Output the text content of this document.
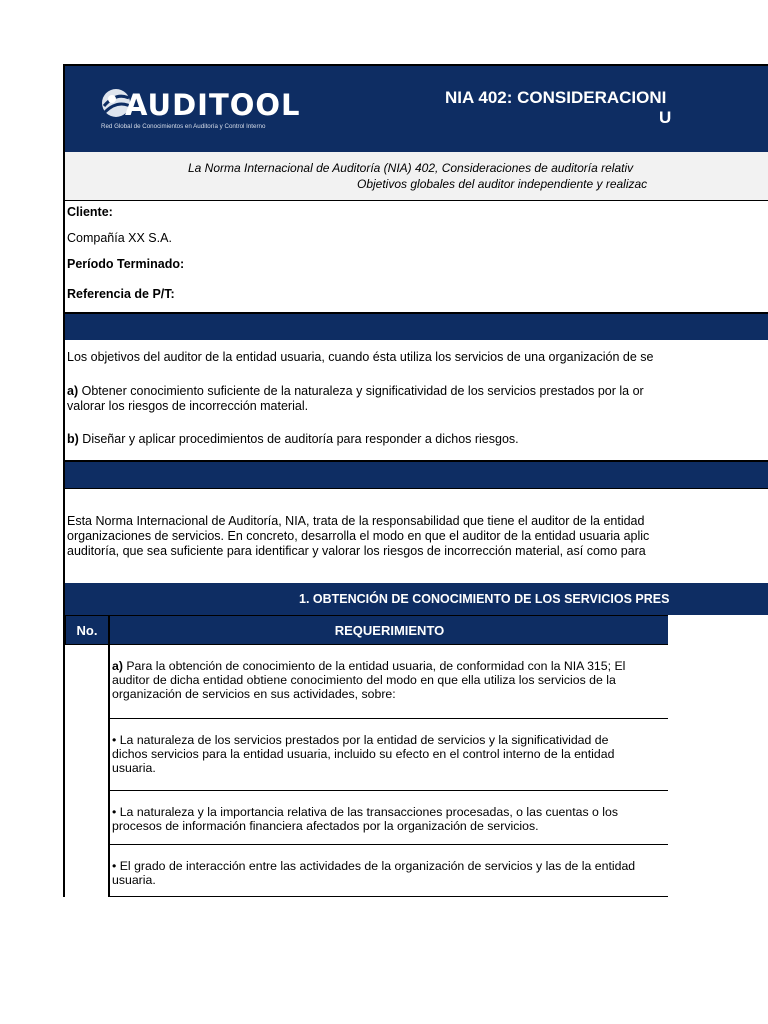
AUDITOOL
Red Global de Conocimientos en Auditoría y Control Interno
NIA 402: CONSIDERACIONI
U
La Norma Internacional de Auditoría (NIA) 402, Consideraciones de auditoría relativ
Objetivos globales del auditor independiente y realizac
Cliente:
Compañía XX S.A.
Período Terminado:
Referencia de P/T:
Los objetivos del auditor de la entidad usuaria, cuando ésta utiliza los servicios de una organización de se
a) Obtener conocimiento suficiente de la naturaleza y significatividad de los servicios prestados por la or
valorar los riesgos de incorrección material.
b) Diseñar y aplicar procedimientos de auditoría para responder a dichos riesgos.
Esta Norma Internacional de Auditoría, NIA, trata de la responsabilidad que tiene el auditor de la entidad
organizaciones de servicios. En concreto, desarrolla el modo en que el auditor de la entidad usuaria aplic
auditoría, que sea suficiente para identificar y valorar los riesgos de incorrección material, así como para
1. OBTENCIÓN DE CONOCIMIENTO DE LOS SERVICIOS PRES
No.	REQUERIMIENTO
a) Para la obtención de conocimiento de la entidad usuaria, de conformidad con la NIA 315; El
auditor de dicha entidad obtiene conocimiento del modo en que ella utiliza los servicios de la
organización de servicios en sus actividades, sobre:
• La naturaleza de los servicios prestados por la entidad de servicios y la significatividad de
dichos servicios para la entidad usuaria, incluido su efecto en el control interno de la entidad
usuaria.
• La naturaleza y la importancia relativa de las transacciones procesadas, o las cuentas o los
procesos de información financiera afectados por la organización de servicios.
• El grado de interacción entre las actividades de la organización de servicios y las de la entidad
usuaria.
